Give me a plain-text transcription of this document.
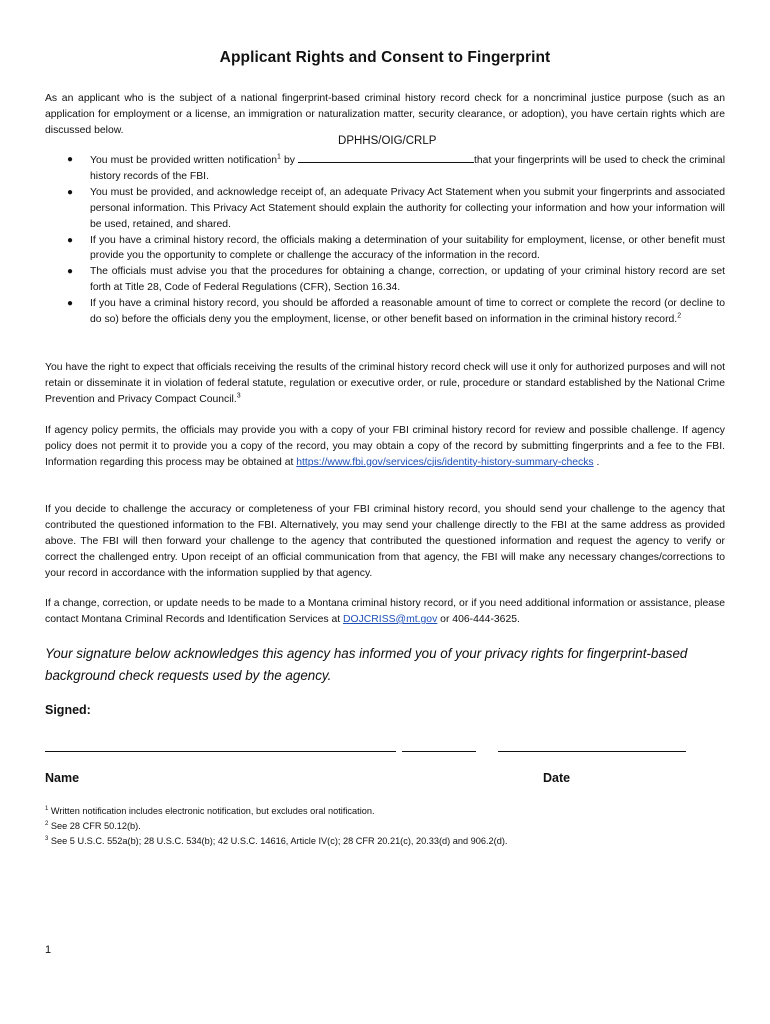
Applicant Rights and Consent to Fingerprint
As an applicant who is the subject of a national fingerprint-based criminal history record check for a noncriminal justice purpose (such as an application for employment or a license, an immigration or naturalization matter, security clearance, or adoption), you have certain rights which are discussed below.
● You must be provided written notification$^1$ by
DPHHS/OIG/CRLP
that your fingerprints will be used to check the criminal history records of the FBI.
● You must be provided, and acknowledge receipt of, an adequate Privacy Act Statement when you submit your fingerprints and associated personal information. This Privacy Act Statement should explain the authority for collecting your information and how your information will be used, retained, and shared.
● If you have a criminal history record, the officials making a determination of your suitability for employment, license, or other benefit must provide you the opportunity to complete or challenge the accuracy of the information in the record.
● The officials must advise you that the procedures for obtaining a change, correction, or updating of your criminal history record are set forth at Title 28, Code of Federal Regulations (CFR), Section 16.34.
● If you have a criminal history record, you should be afforded a reasonable amount of time to correct or complete the record (or decline to do so) before the officials deny you the employment, license, or other benefit based on information in the criminal history record.$^2$
You have the right to expect that officials receiving the results of the criminal history record check will use it only for authorized purposes and will not retain or disseminate it in violation of federal statute, regulation or executive order, or rule, procedure or standard established by the National Crime Prevention and Privacy Compact Council.$^3$
If agency policy permits, the officials may provide you with a copy of your FBI criminal history record for review and possible challenge. If agency policy does not permit it to provide you a copy of the record, you may obtain a copy of the record by submitting fingerprints and a fee to the FBI. Information regarding this process may be obtained at https://www.fbi.gov/services/cjis/identity-history-summary-checks .
If you decide to challenge the accuracy or completeness of your FBI criminal history record, you should send your challenge to the agency that contributed the questioned information to the FBI. Alternatively, you may send your challenge directly to the FBI at the same address as provided above. The FBI will then forward your challenge to the agency that contributed the questioned information and request the agency to verify or correct the challenged entry. Upon receipt of an official communication from that agency, the FBI will make any necessary changes/corrections to your record in accordance with the information supplied by that agency.
If a change, correction, or update needs to be made to a Montana criminal history record, or if you need additional information or assistance, please contact Montana Criminal Records and Identification Services at DOJCRISS@mt.gov or 406-444-3625.
Your signature below acknowledges this agency has informed you of your privacy rights for fingerprint-based background check requests used by the agency.
Signed:
Name	Date
$^1$ Written notification includes electronic notification, but excludes oral notification.
$^2$ See 28 CFR 50.12(b).
$^3$ See 5 U.S.C. 552a(b); 28 U.S.C. 534(b); 42 U.S.C. 14616, Article IV(c); 28 CFR 20.21(c), 20.33(d) and 906.2(d).
1
